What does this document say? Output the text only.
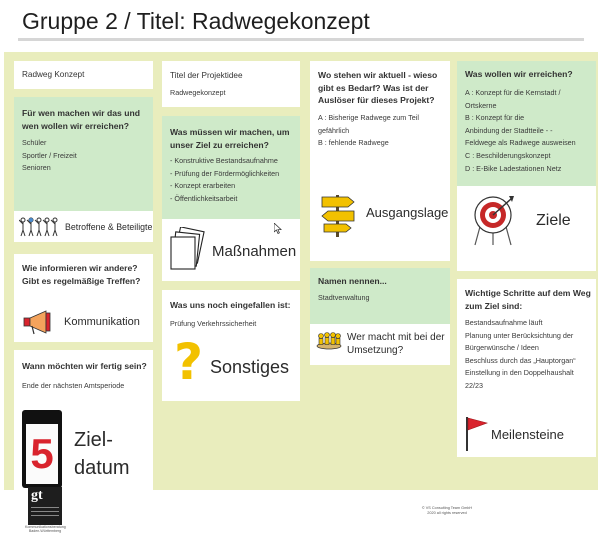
Gruppe 2 / Titel: Radwegekonzept
Radweg Konzept
Für wen machen wir das und wen wollen wir erreichen?
Schüler
Sportler / Freizeit
Senioren
Betroffene & Beteiligte
Wie informieren wir andere? Gibt es regelmäßige Treffen?
Kommunikation
Wann möchten wir fertig sein?
Ende der nächsten Amtsperiode
5 Ziel-
datum
Titel der Projektidee
Radwegekonzept
Was müssen wir machen, um unser Ziel zu erreichen?
- Konstruktive Bestandsaufnahme
- Prüfung der Fördermöglichkeiten
- Konzept erarbeiten
- Öffentlichkeitsarbeit
Maßnahmen
Was uns noch eingefallen ist:
Prüfung Verkehrssicherheit
? Sonstiges
Wo stehen wir aktuell - wieso gibt es Bedarf? Was ist der Auslöser für dieses Projekt?
A : Bisherige Radwege zum Teil
gefährlich
B : fehlende Radwege
Ausgangslage
Namen nennen...
Stadtverwaltung
Wer macht mit bei der
Umsetzung?
Was wollen wir erreichen?
A : Konzept für die Kernstadt /
Ortskerne
B : Konzept für die
Anbindung der Stadtteile - -
Feldwege als Radwege ausweisen
C : Beschilderungskonzept
D : E-Bike Ladestationen Netz
Ziele
Wichtige Schritte auf dem Weg zum Ziel sind:
Bestandsaufnahme läuft
Planung unter Berücksichtung der
Bürgerwünsche / Ideen
Beschluss durch das „Hauptorgan“
Einstellung in den Doppelhaushalt
22/23
Meilensteine
gt
Kommunikationsberatung
Baden-Württemberg
© VS Consulting Team GmbH
2020 all rights reserved
